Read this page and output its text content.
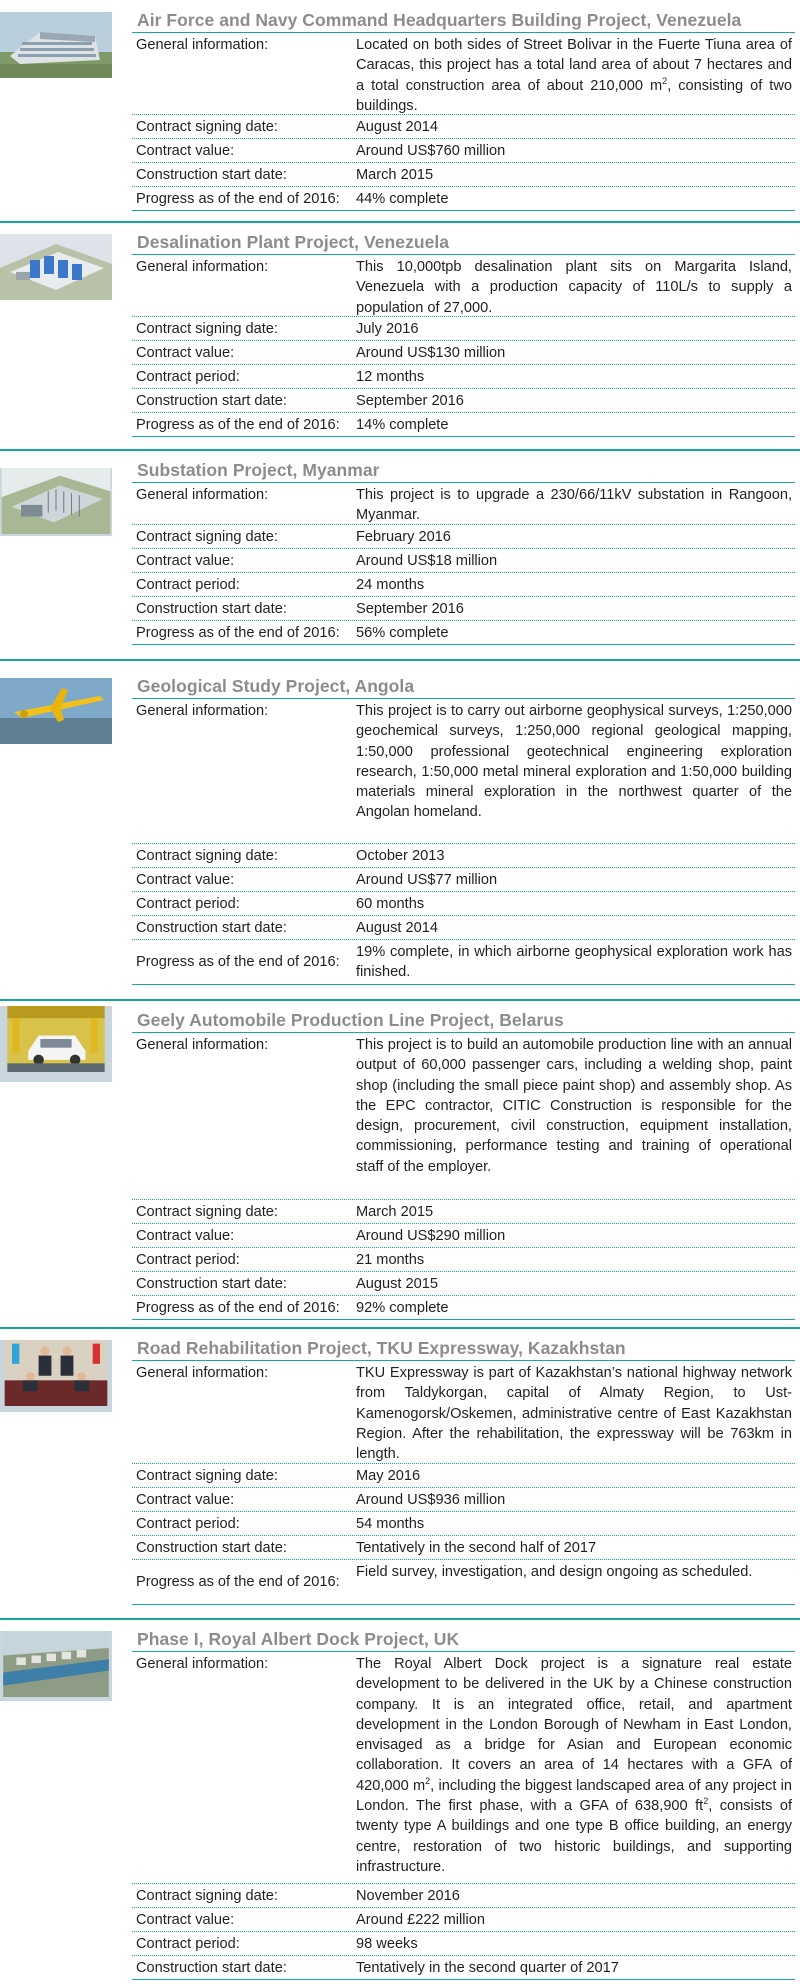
Air Force and Navy Command Headquarters Building Project, Venezuela
General information:	Located on both sides of Street Bolivar in the Fuerte Tiuna area of Caracas, this project has a total land area of about 7 hectares and a total construction area of about 210,000 $m^2$, consisting of two buildings.
Contract signing date:	August 2014
Contract value:	Around US$760 million
Construction start date:	March 2015
Progress as of the end of 2016: 44% complete
Desalination Plant Project, Venezuela
General information:	This 10,000tpb desalination plant sits on Margarita Island, Venezuela with a production capacity of 110L/s to supply a population of 27,000.
Contract signing date:	July 2016
Contract value:	Around US$130 million
Contract period:	12 months
Construction start date:	September 2016
Progress as of the end of 2016: 14% complete
Substation Project, Myanmar
General information:	This project is to upgrade a 230/66/11kV substation in Rangoon, Myanmar.
Contract signing date:	February 2016
Contract value:	Around US$18 million
Contract period:	24 months
Construction start date:	September 2016
Progress as of the end of 2016: 56% complete
Geological Study Project, Angola
General information:	This project is to carry out airborne geophysical surveys, 1:250,000 geochemical surveys, 1:250,000 regional geological mapping, 1:50,000 professional geotechnical engineering exploration research, 1:50,000 metal mineral exploration and 1:50,000 building materials mineral exploration in the northwest quarter of the Angolan homeland.
Contract signing date:	October 2013
Contract value:	Around US$77 million
Contract period:	60 months
Construction start date:	August 2014
Progress as of the end of 2016:
19% complete, in which airborne geophysical exploration work has finished.
Geely Automobile Production Line Project, Belarus
General information:	This project is to build an automobile production line with an annual output of 60,000 passenger cars, including a welding shop, paint shop (including the small piece paint shop) and assembly shop. As the EPC contractor, CITIC Construction is responsible for the design, procurement, civil construction, equipment installation, commissioning, performance testing and training of operational staff of the employer.
Contract signing date:	March 2015
Contract value:	Around US$290 million
Contract period:	21 months
Construction start date:	August 2015
Progress as of the end of 2016: 92% complete
Road Rehabilitation Project, TKU Expressway, Kazakhstan
General information:	TKU Expressway is part of Kazakhstan’s national highway network from Taldykorgan, capital of Almaty Region, to Ust-Kamenogorsk/Oskemen, administrative centre of East Kazakhstan Region. After the rehabilitation, the expressway will be 763km in length.
Contract signing date:	May 2016
Contract value:	Around US$936 million
Contract period:	54 months
Construction start date:	Tentatively in the second half of 2017
Progress as of the end of 2016:
Field survey, investigation, and design ongoing as scheduled.
Phase I, Royal Albert Dock Project, UK
General information:	The Royal Albert Dock project is a signature real estate development to be delivered in the UK by a Chinese construction company. It is an integrated office, retail, and apartment development in the London Borough of Newham in East London, envisaged as a bridge for Asian and European economic collaboration. It covers an area of 14 hectares with a GFA of 420,000 $m^2$, including the biggest landscaped area of any project in London. The first phase, with a GFA of 638,900 $ft^2$, consists of twenty type A buildings and one type B office building, an energy centre, restoration of two historic buildings, and supporting infrastructure.
Contract signing date:	November 2016
Contract value:	Around £222 million
Contract period:	98 weeks
Construction start date:	Tentatively in the second quarter of 2017
